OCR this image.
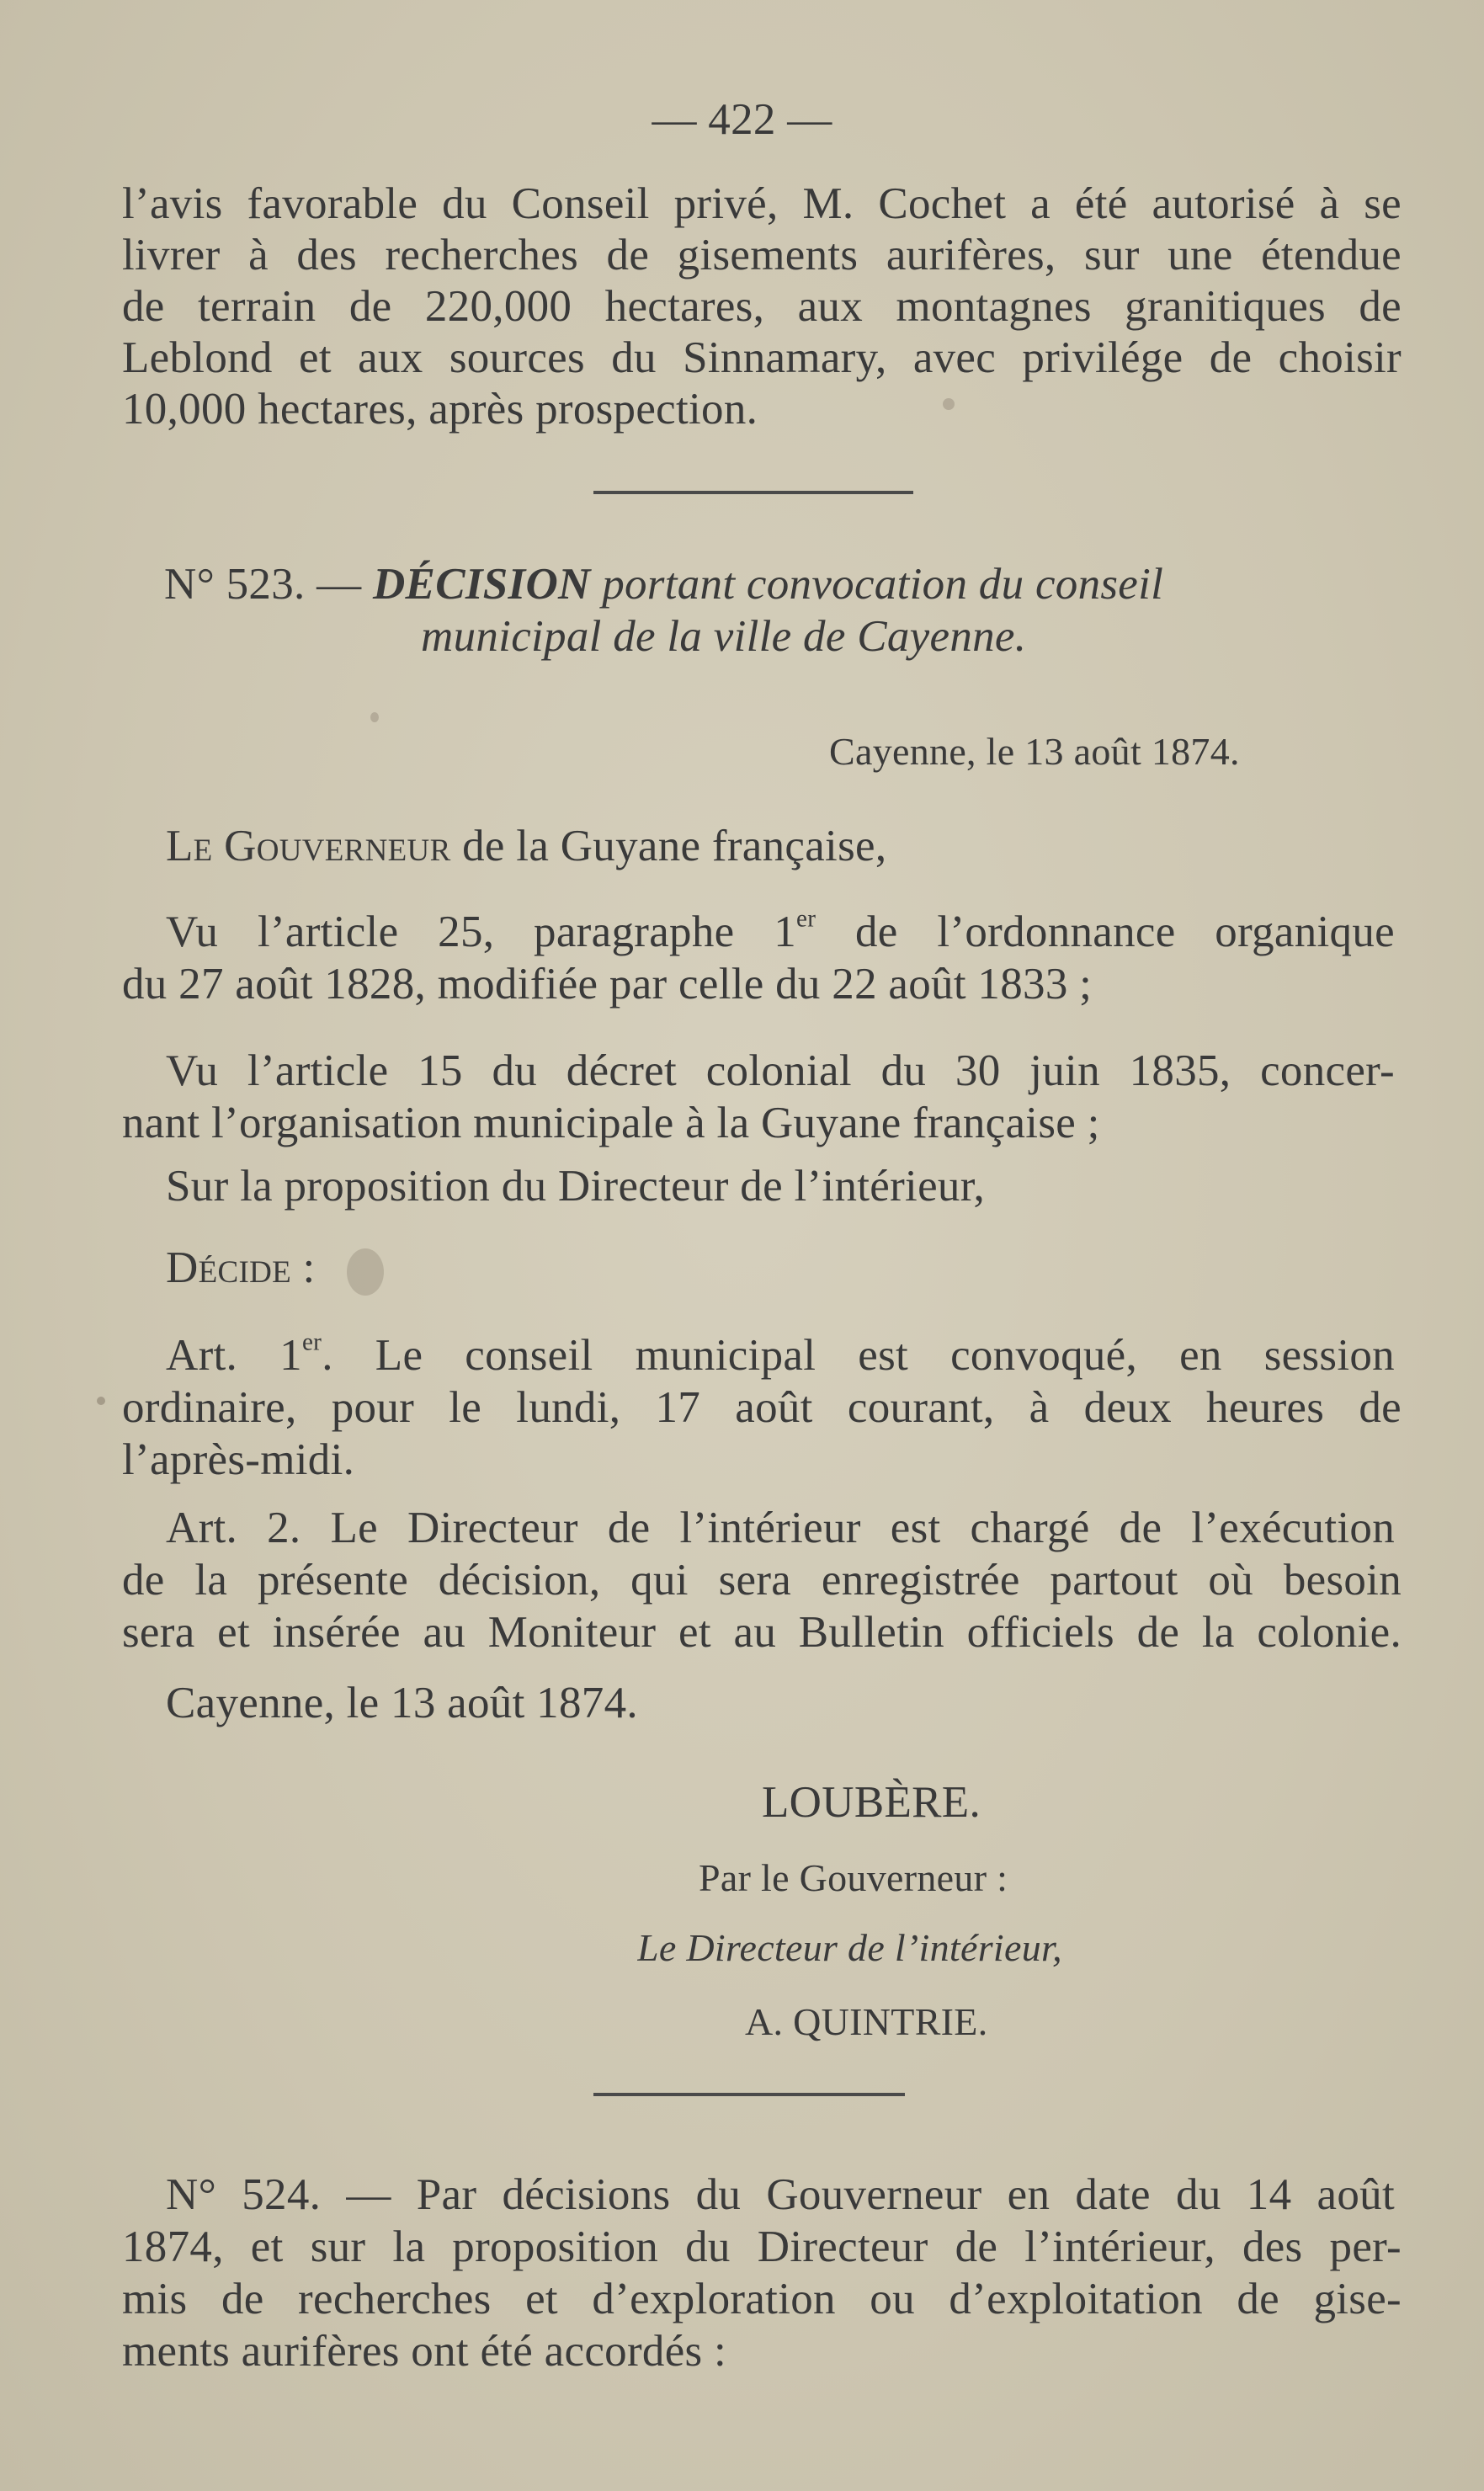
— 422 —
l’avis favorable du Conseil privé, M. Cochet a été autorisé à se
livrer à des recherches de gisements aurifères, sur une étendue
de terrain de 220,000 hectares, aux montagnes granitiques de
Leblond et aux sources du Sinnamary, avec privilége de choisir
10,000 hectares, après prospection.
N° 523. — DÉCISION portant convocation du conseil
municipal de la ville de Cayenne.
Cayenne, le 13 août 1874.
Le Gouverneur de la Guyane française,
Vu l’article 25, paragraphe 1er de l’ordonnance organique
du 27 août 1828, modifiée par celle du 22 août 1833 ;
Vu l’article 15 du décret colonial du 30 juin 1835, concer-
nant l’organisation municipale à la Guyane française ;
Sur la proposition du Directeur de l’intérieur,
Décide :
Art. 1er. Le conseil municipal est convoqué, en session
ordinaire, pour le lundi, 17 août courant, à deux heures de
l’après-midi.
Art. 2. Le Directeur de l’intérieur est chargé de l’exécution
de la présente décision, qui sera enregistrée partout où besoin
sera et insérée au Moniteur et au Bulletin officiels de la colonie.
Cayenne, le 13 août 1874.
LOUBÈRE.
Par le Gouverneur :
Le Directeur de l’intérieur,
A. QUINTRIE.
N° 524. — Par décisions du Gouverneur en date du 14 août
1874, et sur la proposition du Directeur de l’intérieur, des per-
mis de recherches et d’exploration ou d’exploitation de gise-
ments aurifères ont été accordés :
